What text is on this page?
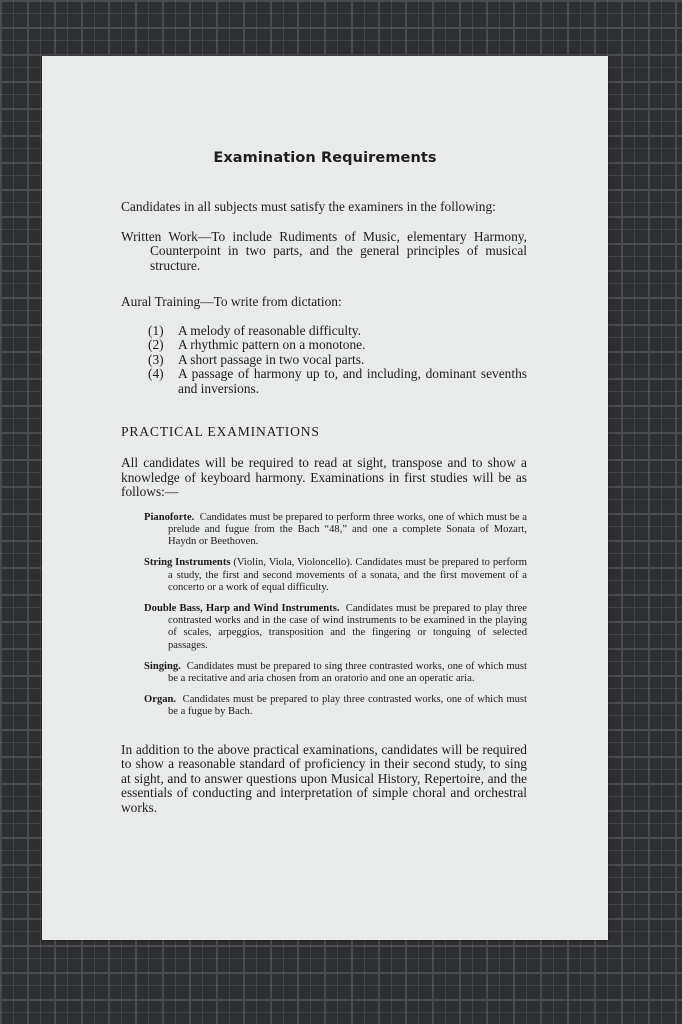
Examination Requirements

Candidates in all subjects must satisfy the examiners in the following:

Written Work—To include Rudiments of Music, elementary Harmony, Counterpoint in two parts, and the general principles of musical structure.

Aural Training—To write from dictation:

(1)	A melody of reasonable difficulty.
(2)	A rhythmic pattern on a monotone.
(3)	A short passage in two vocal parts.
(4)	A passage of harmony up to, and including, dominant sevenths and inversions.

PRACTICAL EXAMINATIONS

All candidates will be required to read at sight, transpose and to show a knowledge of keyboard harmony. Examinations in first studies will be as follows:—

Pianoforte. Candidates must be prepared to perform three works, one of which must be a prelude and fugue from the Bach “48,” and one a complete Sonata of Mozart, Haydn or Beethoven.

String Instruments (Violin, Viola, Violoncello). Candidates must be prepared to perform a study, the first and second movements of a sonata, and the first movement of a concerto or a work of equal difficulty.

Double Bass, Harp and Wind Instruments. Candidates must be prepared to play three contrasted works and in the case of wind instruments to be examined in the playing of scales, arpeggios, transposition and the fingering or tonguing of selected passages.

Singing. Candidates must be prepared to sing three contrasted works, one of which must be a recitative and aria chosen from an oratorio and one an operatic aria.

Organ. Candidates must be prepared to play three contrasted works, one of which must be a fugue by Bach.

In addition to the above practical examinations, candidates will be required to show a reasonable standard of proficiency in their second study, to sing at sight, and to answer questions upon Musical History, Repertoire, and the essentials of conducting and interpretation of simple choral and orchestral works.
